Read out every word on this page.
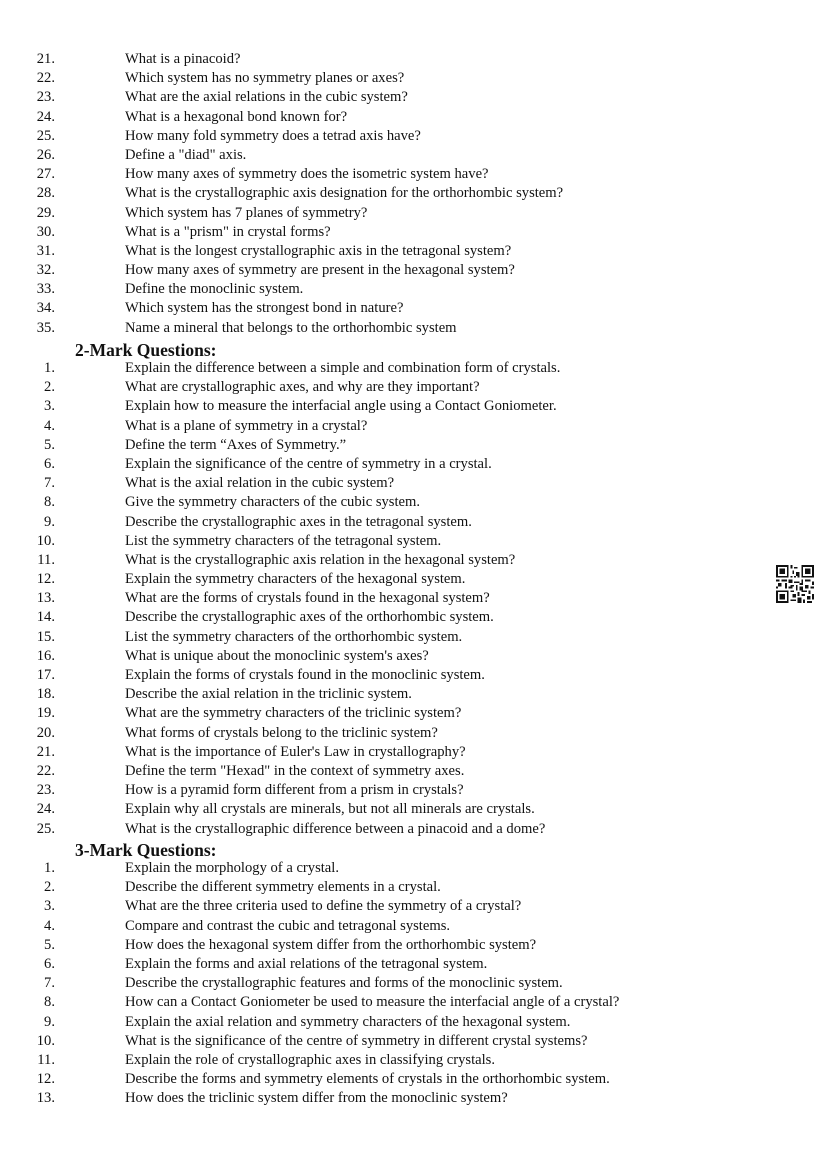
21.	What is a pinacoid?
22.	Which system has no symmetry planes or axes?
23.	What are the axial relations in the cubic system?
24.	What is a hexagonal bond known for?
25.	How many fold symmetry does a tetrad axis have?
26.	Define a "diad" axis.
27.	How many axes of symmetry does the isometric system have?
28.	What is the crystallographic axis designation for the orthorhombic system?
29.	Which system has 7 planes of symmetry?
30.	What is a "prism" in crystal forms?
31.	What is the longest crystallographic axis in the tetragonal system?
32.	How many axes of symmetry are present in the hexagonal system?
33.	Define the monoclinic system.
34.	Which system has the strongest bond in nature?
35.	Name a mineral that belongs to the orthorhombic system
2-Mark Questions:
1.	Explain the difference between a simple and combination form of crystals.
2.	What are crystallographic axes, and why are they important?
3.	Explain how to measure the interfacial angle using a Contact Goniometer.
4.	What is a plane of symmetry in a crystal?
5.	Define the term “Axes of Symmetry.”
6.	Explain the significance of the centre of symmetry in a crystal.
7.	What is the axial relation in the cubic system?
8.	Give the symmetry characters of the cubic system.
9.	Describe the crystallographic axes in the tetragonal system.
10.	List the symmetry characters of the tetragonal system.
11.	What is the crystallographic axis relation in the hexagonal system?
12.	Explain the symmetry characters of the hexagonal system.
13.	What are the forms of crystals found in the hexagonal system?
14.	Describe the crystallographic axes of the orthorhombic system.
15.	List the symmetry characters of the orthorhombic system.
16.	What is unique about the monoclinic system's axes?
17.	Explain the forms of crystals found in the monoclinic system.
18.	Describe the axial relation in the triclinic system.
19.	What are the symmetry characters of the triclinic system?
20.	What forms of crystals belong to the triclinic system?
21.	What is the importance of Euler's Law in crystallography?
22.	Define the term "Hexad" in the context of symmetry axes.
23.	How is a pyramid form different from a prism in crystals?
24.	Explain why all crystals are minerals, but not all minerals are crystals.
25.	What is the crystallographic difference between a pinacoid and a dome?
3-Mark Questions:
1.	Explain the morphology of a crystal.
2.	Describe the different symmetry elements in a crystal.
3.	What are the three criteria used to define the symmetry of a crystal?
4.	Compare and contrast the cubic and tetragonal systems.
5.	How does the hexagonal system differ from the orthorhombic system?
6.	Explain the forms and axial relations of the tetragonal system.
7.	Describe the crystallographic features and forms of the monoclinic system.
8.	How can a Contact Goniometer be used to measure the interfacial angle of a crystal?
9.	Explain the axial relation and symmetry characters of the hexagonal system.
10.	What is the significance of the centre of symmetry in different crystal systems?
11.	Explain the role of crystallographic axes in classifying crystals.
12.	Describe the forms and symmetry elements of crystals in the orthorhombic system.
13.	How does the triclinic system differ from the monoclinic system?
